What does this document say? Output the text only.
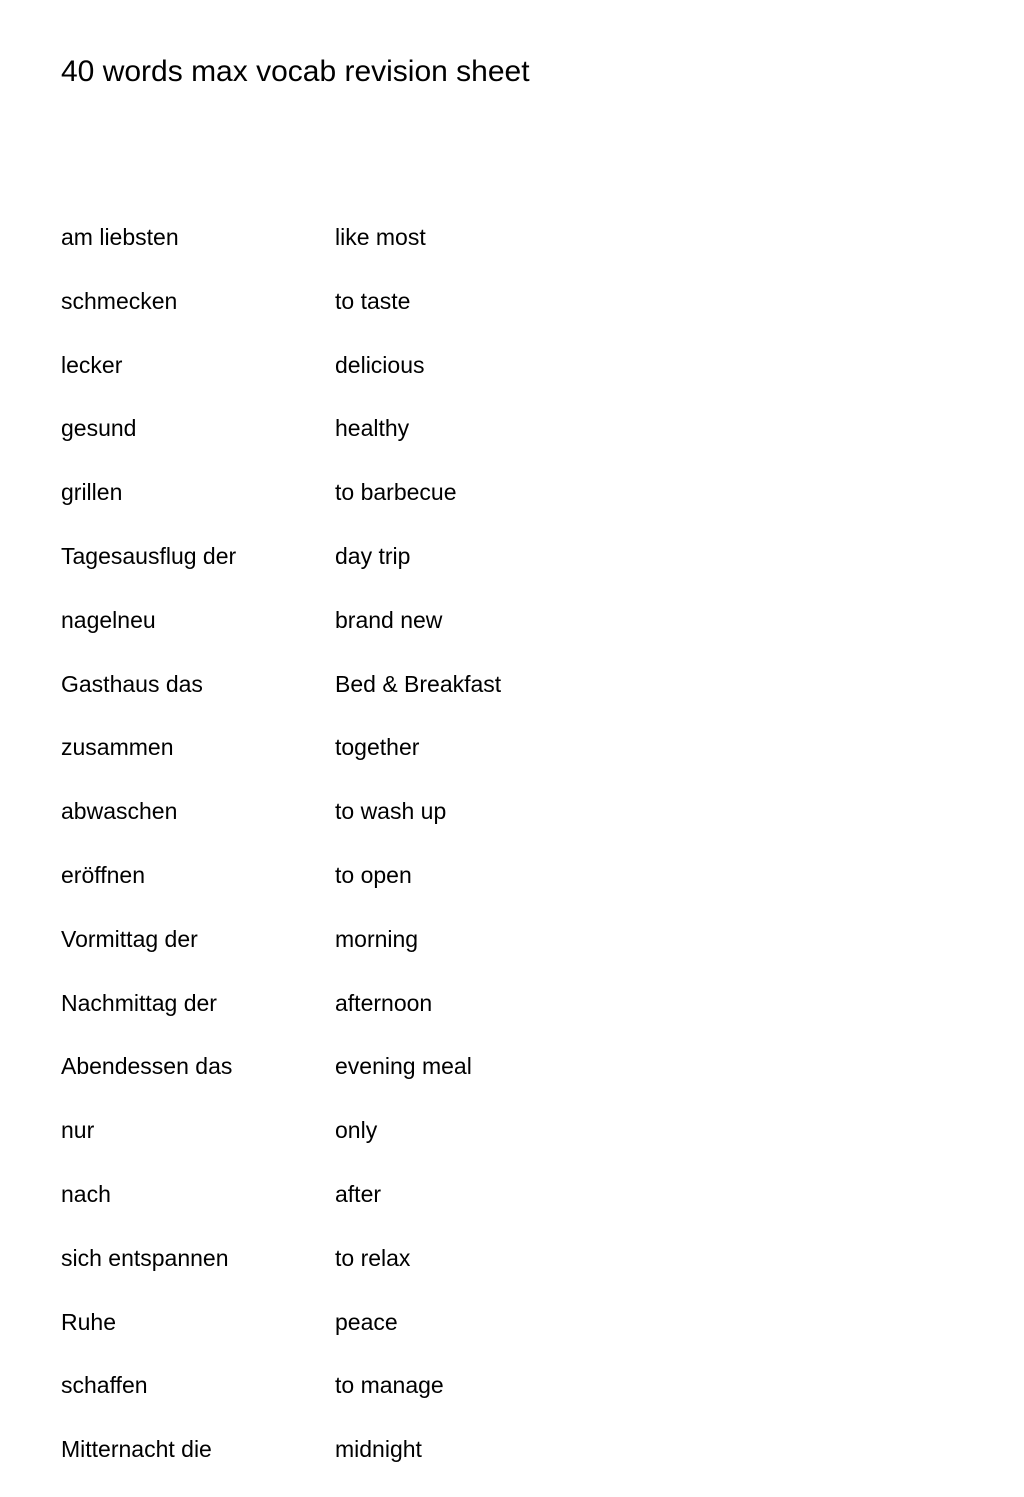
40 words max vocab revision sheet
am liebsten	like most
schmecken	to taste
lecker	delicious
gesund	healthy
grillen	to barbecue
Tagesausflug der	day trip
nagelneu	brand new
Gasthaus das	Bed & Breakfast
zusammen	together
abwaschen	to wash up
eröffnen	to open
Vormittag der	morning
Nachmittag der	afternoon
Abendessen das	evening meal
nur	only
nach	after
sich entspannen	to relax
Ruhe	peace
schaffen	to manage
Mitternacht die	midnight
